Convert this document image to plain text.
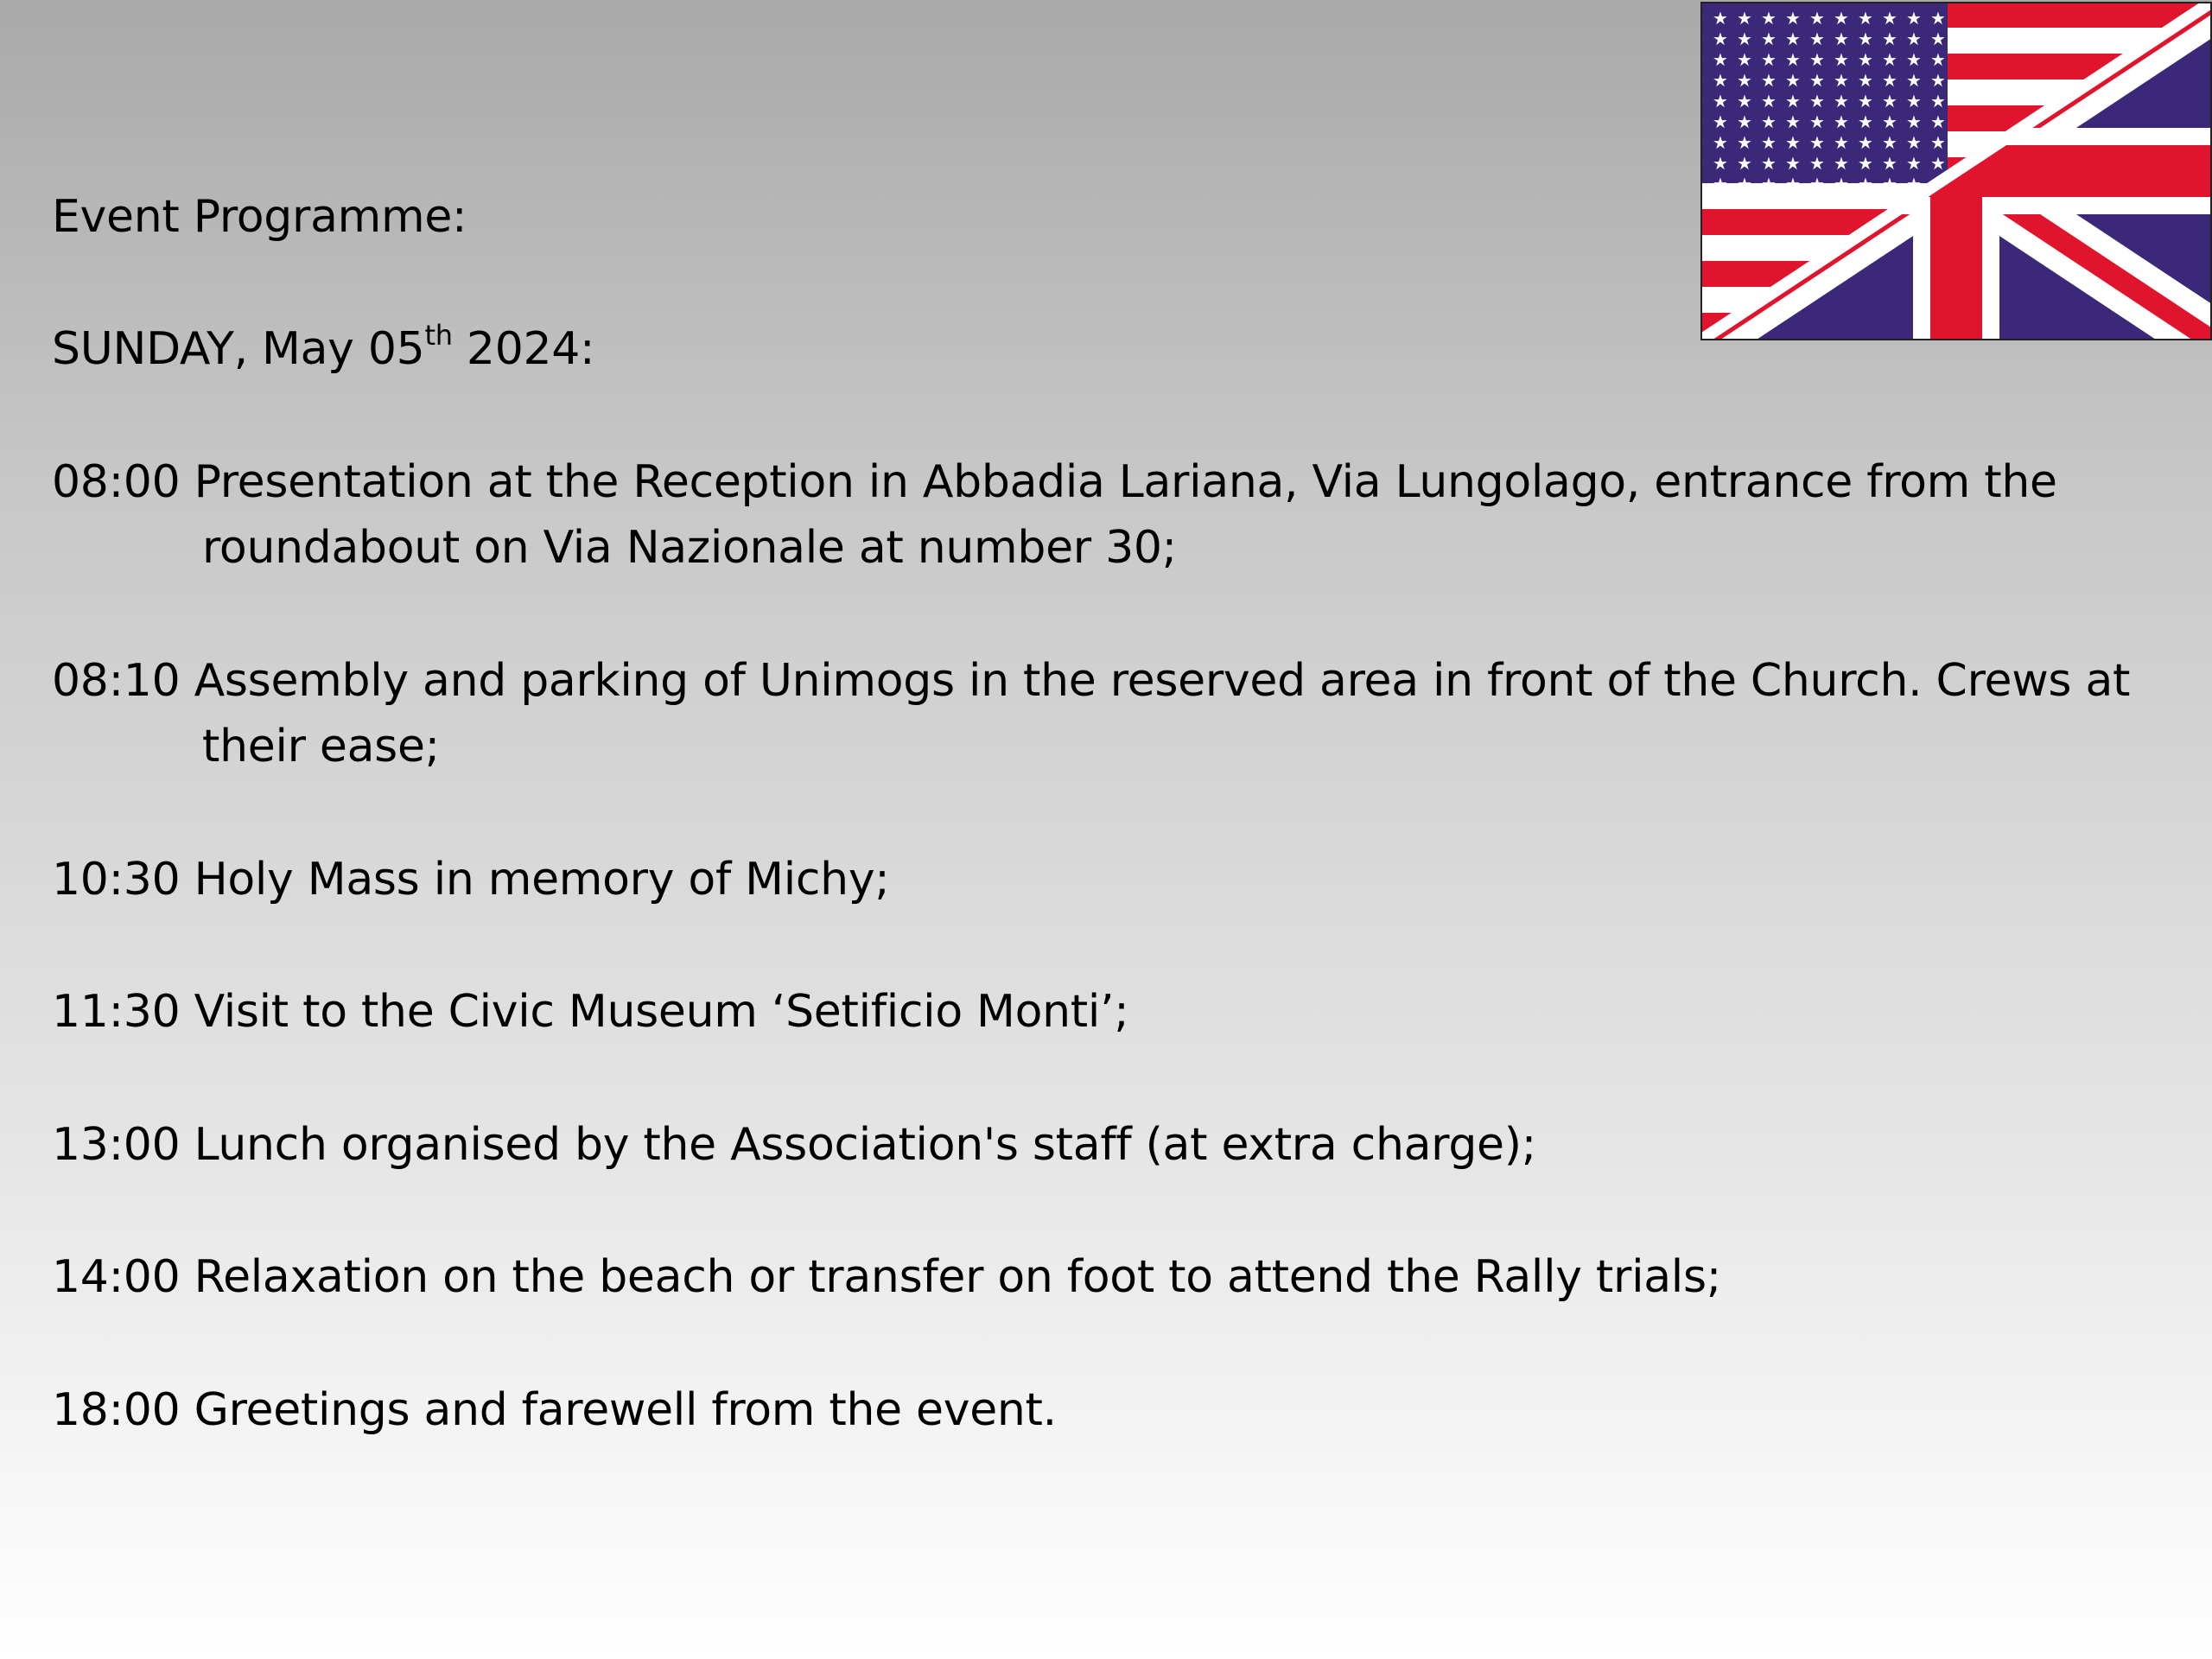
Event Programme:
SUNDAY, May 05th 2024:
08:00 Presentation at the Reception in Abbadia Lariana, Via Lungolago, entrance from the
roundabout on Via Nazionale at number 30;
08:10 Assembly and parking of Unimogs in the reserved area in front of the Church. Crews at
their ease;
10:30 Holy Mass in memory of Michy;
11:30 Visit to the Civic Museum ‘Setificio Monti’;
13:00 Lunch organised by the Association's staff (at extra charge);
14:00 Relaxation on the beach or transfer on foot to attend the Rally trials;
18:00 Greetings and farewell from the event.
